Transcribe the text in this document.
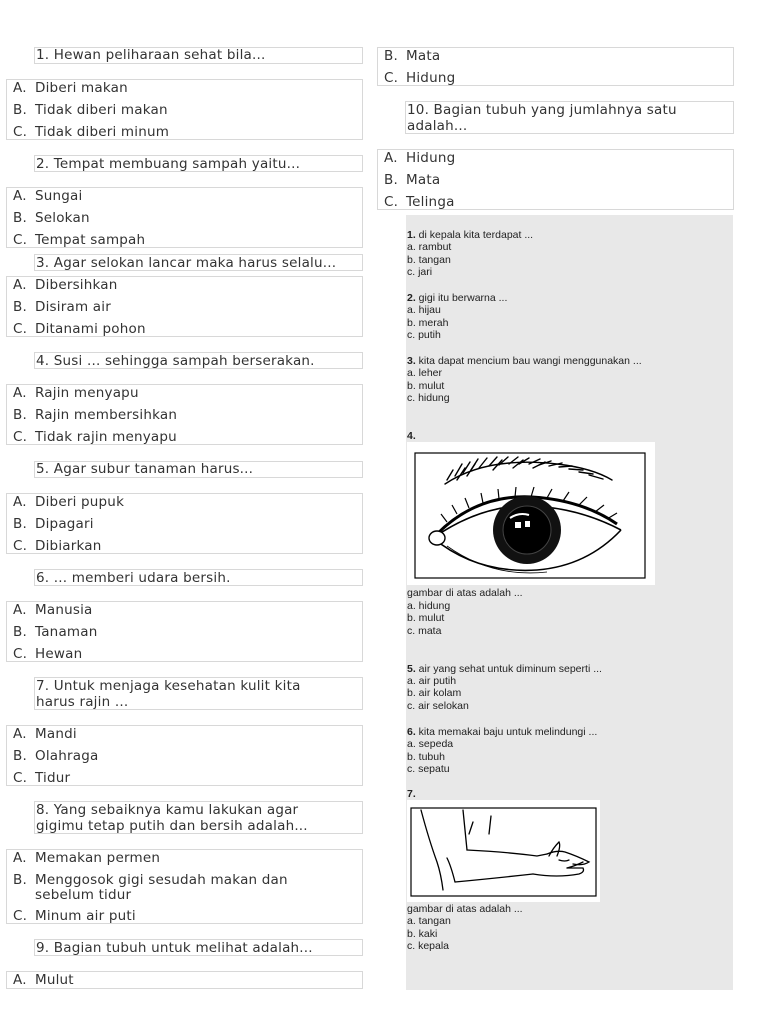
1. Hewan peliharaan sehat bila...
A. Diberi makan
B. Tidak diberi makan
C. Tidak diberi minum
2. Tempat membuang sampah yaitu...
A. Sungai
B. Selokan
C. Tempat sampah
3. Agar selokan lancar maka harus selalu...
A. Dibersihkan
B. Disiram air
C. Ditanami pohon
4. Susi ... sehingga sampah berserakan.
A. Rajin menyapu
B. Rajin membersihkan
C. Tidak rajin menyapu
5. Agar subur tanaman harus...
A. Diberi pupuk
B. Dipagari
C. Dibiarkan
6. ... memberi udara bersih.
A. Manusia
B. Tanaman
C. Hewan
7. Untuk menjaga kesehatan kulit kita
harus rajin ...
A. Mandi
B. Olahraga
C. Tidur
8. Yang sebaiknya kamu lakukan agar
gigimu tetap putih dan bersih adalah...
A. Memakan permen
B. Menggosok gigi sesudah makan dan
sebelum tidur
C. Minum air puti
9. Bagian tubuh untuk melihat adalah...
A. Mulut
B. Mata
C. Hidung
10. Bagian tubuh yang jumlahnya satu
adalah...
A. Hidung
B. Mata
C. Telinga
1. di kepala kita terdapat ...
a. rambut
b. tangan
c. jari
2. gigi itu berwarna ...
a. hijau
b. merah
c. putih
3. kita dapat mencium bau wangi menggunakan ...
a. leher
b. mulut
c. hidung
4.
gambar di atas adalah ...
a. hidung
b. mulut
c. mata
5. air yang sehat untuk diminum seperti ...
a. air putih
b. air kolam
c. air selokan
6. kita memakai baju untuk melindungi ...
a. sepeda
b. tubuh
c. sepatu
7.
gambar di atas adalah ...
a. tangan
b. kaki
c. kepala
